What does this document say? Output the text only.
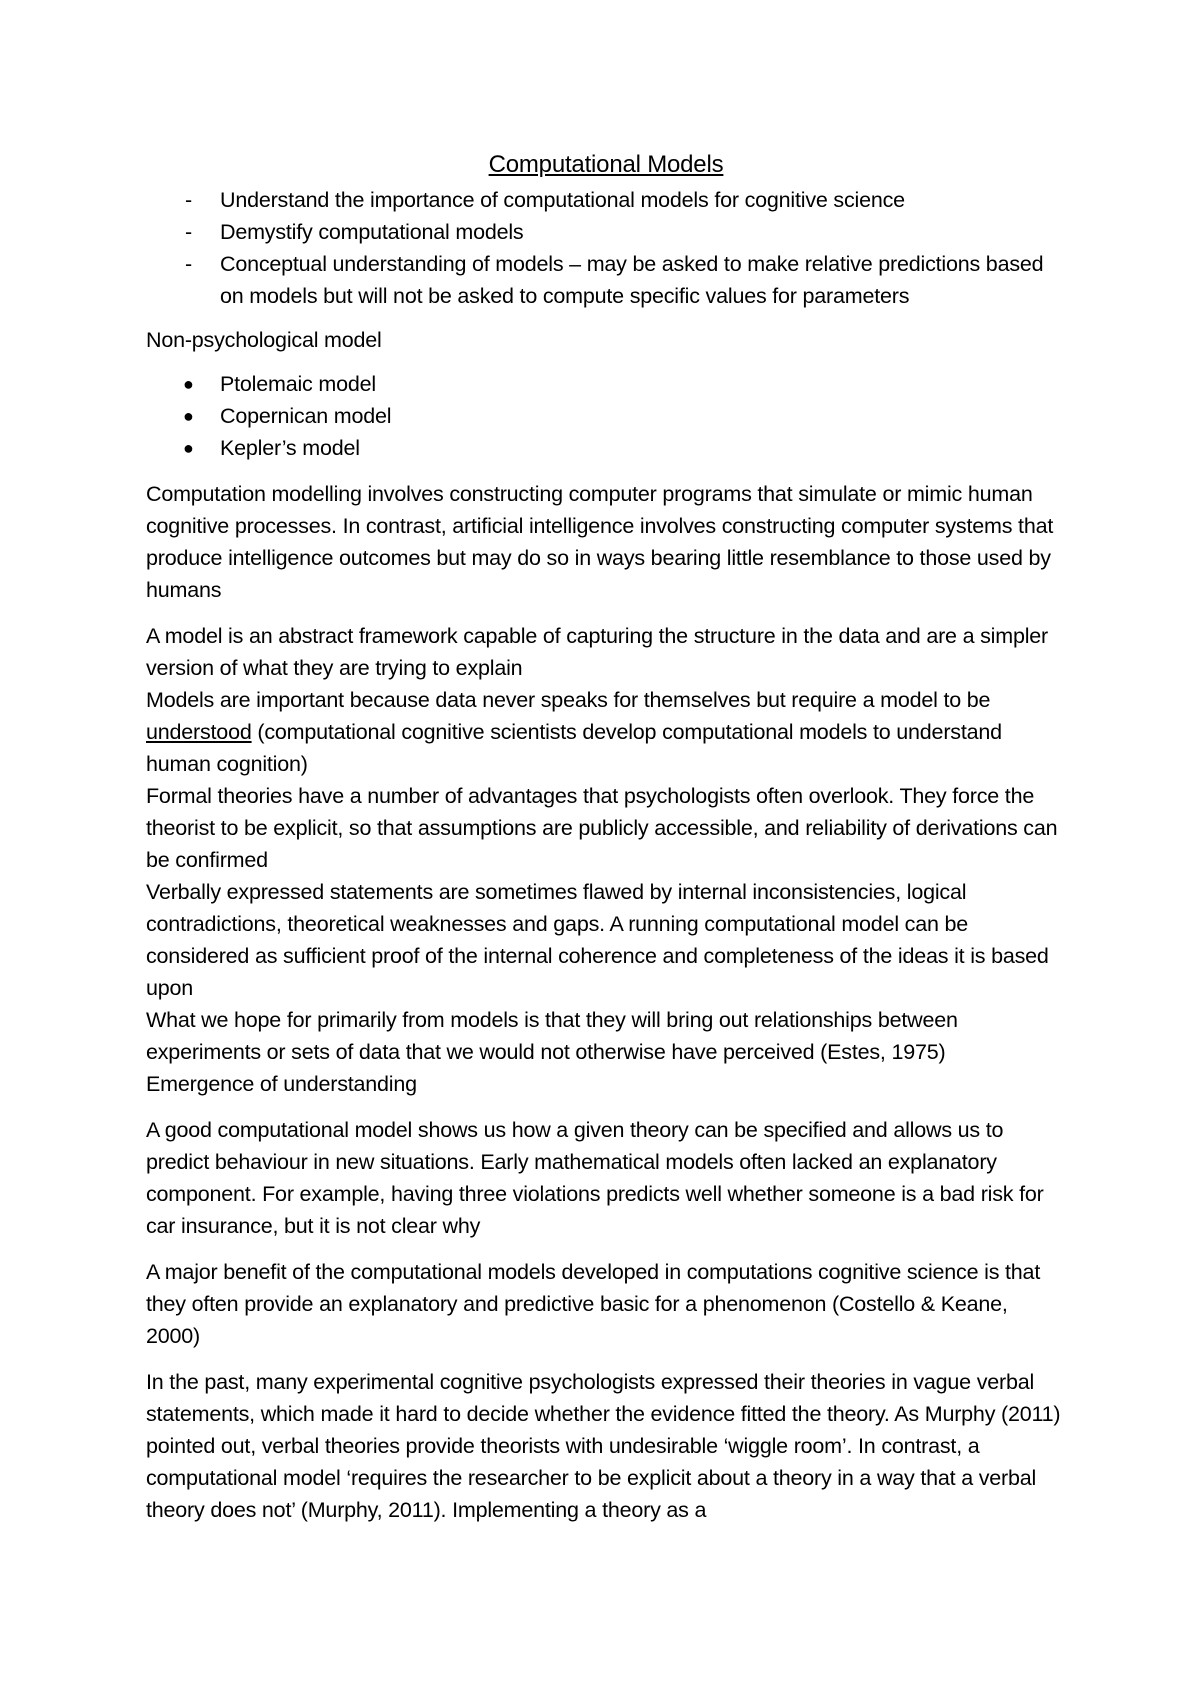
Computational Models
- Understand the importance of computational models for cognitive science
- Demystify computational models
- Conceptual understanding of models – may be asked to make relative predictions based on models but will not be asked to compute specific values for parameters

Non-psychological model

● Ptolemaic model
● Copernican model
● Kepler’s model

Computation modelling involves constructing computer programs that simulate or mimic human cognitive processes. In contrast, artificial intelligence involves constructing computer systems that produce intelligence outcomes but may do so in ways bearing little resemblance to those used by humans

A model is an abstract framework capable of capturing the structure in the data and are a simpler version of what they are trying to explain

Models are important because data never speaks for themselves but require a model to be understood (computational cognitive scientists develop computational models to understand human cognition)

Formal theories have a number of advantages that psychologists often overlook. They force the theorist to be explicit, so that assumptions are publicly accessible, and reliability of derivations can be confirmed

Verbally expressed statements are sometimes flawed by internal inconsistencies, logical contradictions, theoretical weaknesses and gaps. A running computational model can be considered as sufficient proof of the internal coherence and completeness of the ideas it is based upon

What we hope for primarily from models is that they will bring out relationships between experiments or sets of data that we would not otherwise have perceived (Estes, 1975)

Emergence of understanding

A good computational model shows us how a given theory can be specified and allows us to predict behaviour in new situations. Early mathematical models often lacked an explanatory component. For example, having three violations predicts well whether someone is a bad risk for car insurance, but it is not clear why

A major benefit of the computational models developed in computations cognitive science is that they often provide an explanatory and predictive basic for a phenomenon (Costello & Keane, 2000)

In the past, many experimental cognitive psychologists expressed their theories in vague verbal statements, which made it hard to decide whether the evidence fitted the theory. As Murphy (2011) pointed out, verbal theories provide theorists with undesirable ‘wiggle room’. In contrast, a computational model ‘requires the researcher to be explicit about a theory in a way that a verbal theory does not’ (Murphy, 2011). Implementing a theory as a
